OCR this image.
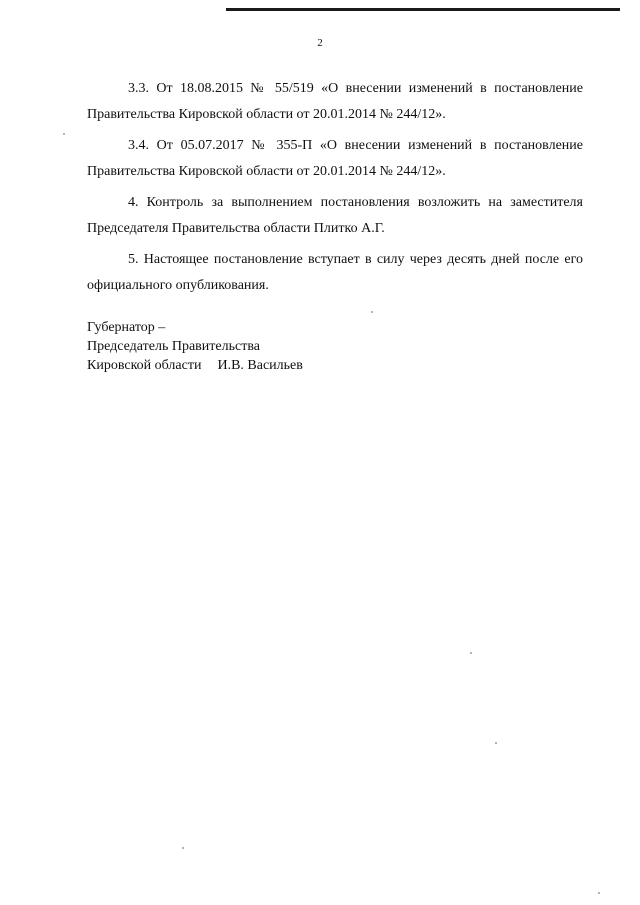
2
3.3. От 18.08.2015 № 55/519 «О внесении изменений в постановление
Правительства Кировской области от 20.01.2014 № 244/12».
3.4. От 05.07.2017 № 355-П «О внесении изменений в постановление
Правительства Кировской области от 20.01.2014 № 244/12».
4. Контроль за выполнением постановления возложить на заместителя
Председателя Правительства области Плитко А.Г.
5. Настоящее постановление вступает в силу через десять дней после его
официального опубликования.
Губернатор –
Председатель Правительства
Кировской области И.В. Васильев
